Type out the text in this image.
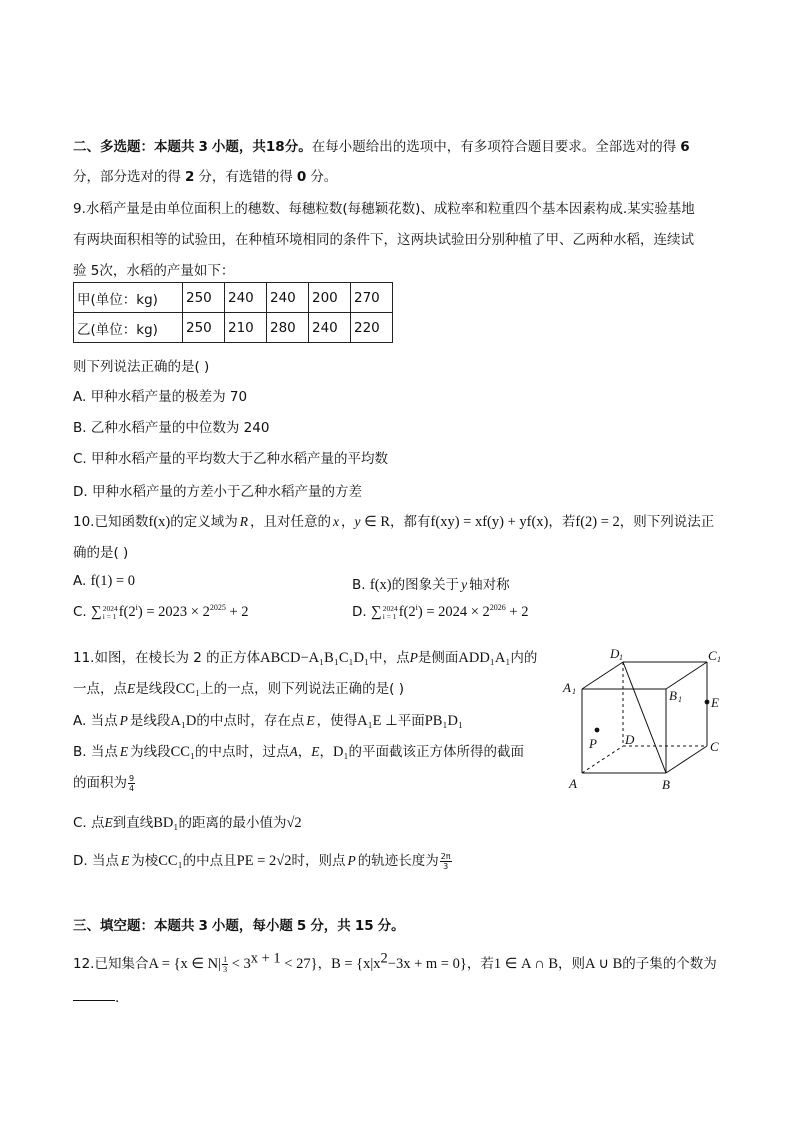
二、多选题：本题共 3 小题，共18分。在每小题给出的选项中，有多项符合题目要求。全部选对的得 6
分，部分选对的得 2 分，有选错的得 0 分。
9.水稻产量是由单位面积上的穗数、每穗粒数(每穗颖花数)、成粒率和粒重四个基本因素构成.某实验基地
有两块面积相等的试验田，在种植环境相同的条件下，这两块试验田分别种植了甲、乙两种水稻，连续试
验 5次，水稻的产量如下：
甲(单位：kg)	250	240	240	200	270
乙(单位：kg)	250	210	280	240	220
则下列说法正确的是( )
A. 甲种水稻产量的极差为 70
B. 乙种水稻产量的中位数为 240
C. 甲种水稻产量的平均数大于乙种水稻产量的平均数
D. 甲种水稻产量的方差小于乙种水稻产量的方差
10.已知函数f(x)的定义域为 R ，且对任意的 x ，y ∈ R，都有f(xy) = xf(y) + yf(x)，若f(2) = 2，则下列说法正
确的是( )
A. f(1) = 0	B. f(x)的图象关于 y 轴对称
C. ∑ 2024
i = 1 $f(2^i) = 2023 \times 2^{2025} + 2$	D. ∑ 2024
i = 1 $f(2^i) = 2024 \times 2^{2026} + 2$
11.如图，在棱长为 2 的正方体ABCD−A₁B₁C₁D₁中，点P是侧面ADD₁A₁内的
一点，点E是线段CC₁上的一点，则下列说法正确的是( )
A. 当点 P 是线段A₁D的中点时，存在点 E ，使得A₁E ⊥平面PB₁D₁
B. 当点 E 为线段CC₁的中点时，过点A，E，D₁的平面截该正方体所得的截面
的面积为 $\frac{9}{4}$
C. 点E到直线BD₁的距离的最小值为√2
D. 当点 E 为棱CC₁的中点且PE = 2√2时，则点 P 的轨迹长度为 $\frac{2\pi}{3}$
D 1	C 1
A 1	B 1 E
P D	C
A	B
三、填空题：本题共 3 小题，每小题 5 分，共 15 分。
12.已知集合A = {x ∈ $N| \frac{1}{3} < 3^{x + 1} < 27$}，$B = \{x|x^2-3x + m = 0\}$，若1 ∈ A ∩ B，则A ∪ B的子集的个数为
.
